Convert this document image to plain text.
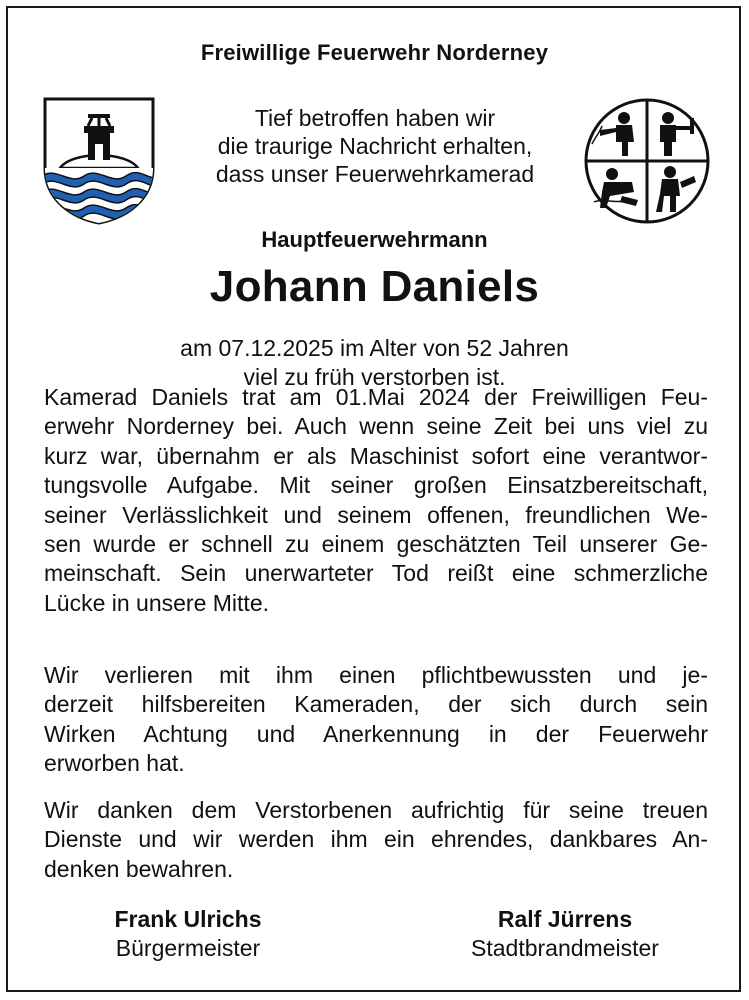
Freiwillige Feuerwehr Norderney
Tief betroffen haben wir
die traurige Nachricht erhalten,
dass unser Feuerwehrkamerad
Hauptfeuerwehrmann
Johann Daniels
am 07.12.2025 im Alter von 52 Jahren
viel zu früh verstorben ist.
Kamerad Daniels trat am 01.Mai 2024 der Freiwilligen Feu-
erwehr Norderney bei. Auch wenn seine Zeit bei uns viel zu
kurz war, übernahm er als Maschinist sofort eine verantwor-
tungsvolle Aufgabe. Mit seiner großen Einsatzbereitschaft,
seiner Verlässlichkeit und seinem offenen, freundlichen We-
sen wurde er schnell zu einem geschätzten Teil unserer Ge-
meinschaft. Sein unerwarteter Tod reißt eine schmerzliche
Lücke in unsere Mitte.
Wir verlieren mit ihm einen pflichtbewussten und je-
derzeit hilfsbereiten Kameraden, der sich durch sein
Wirken Achtung und Anerkennung in der Feuerwehr
erworben hat.
Wir danken dem Verstorbenen aufrichtig für seine treuen
Dienste und wir werden ihm ein ehrendes, dankbares An-
denken bewahren.
Frank Ulrichs
Bürgermeister
Ralf Jürrens
Stadtbrandmeister
